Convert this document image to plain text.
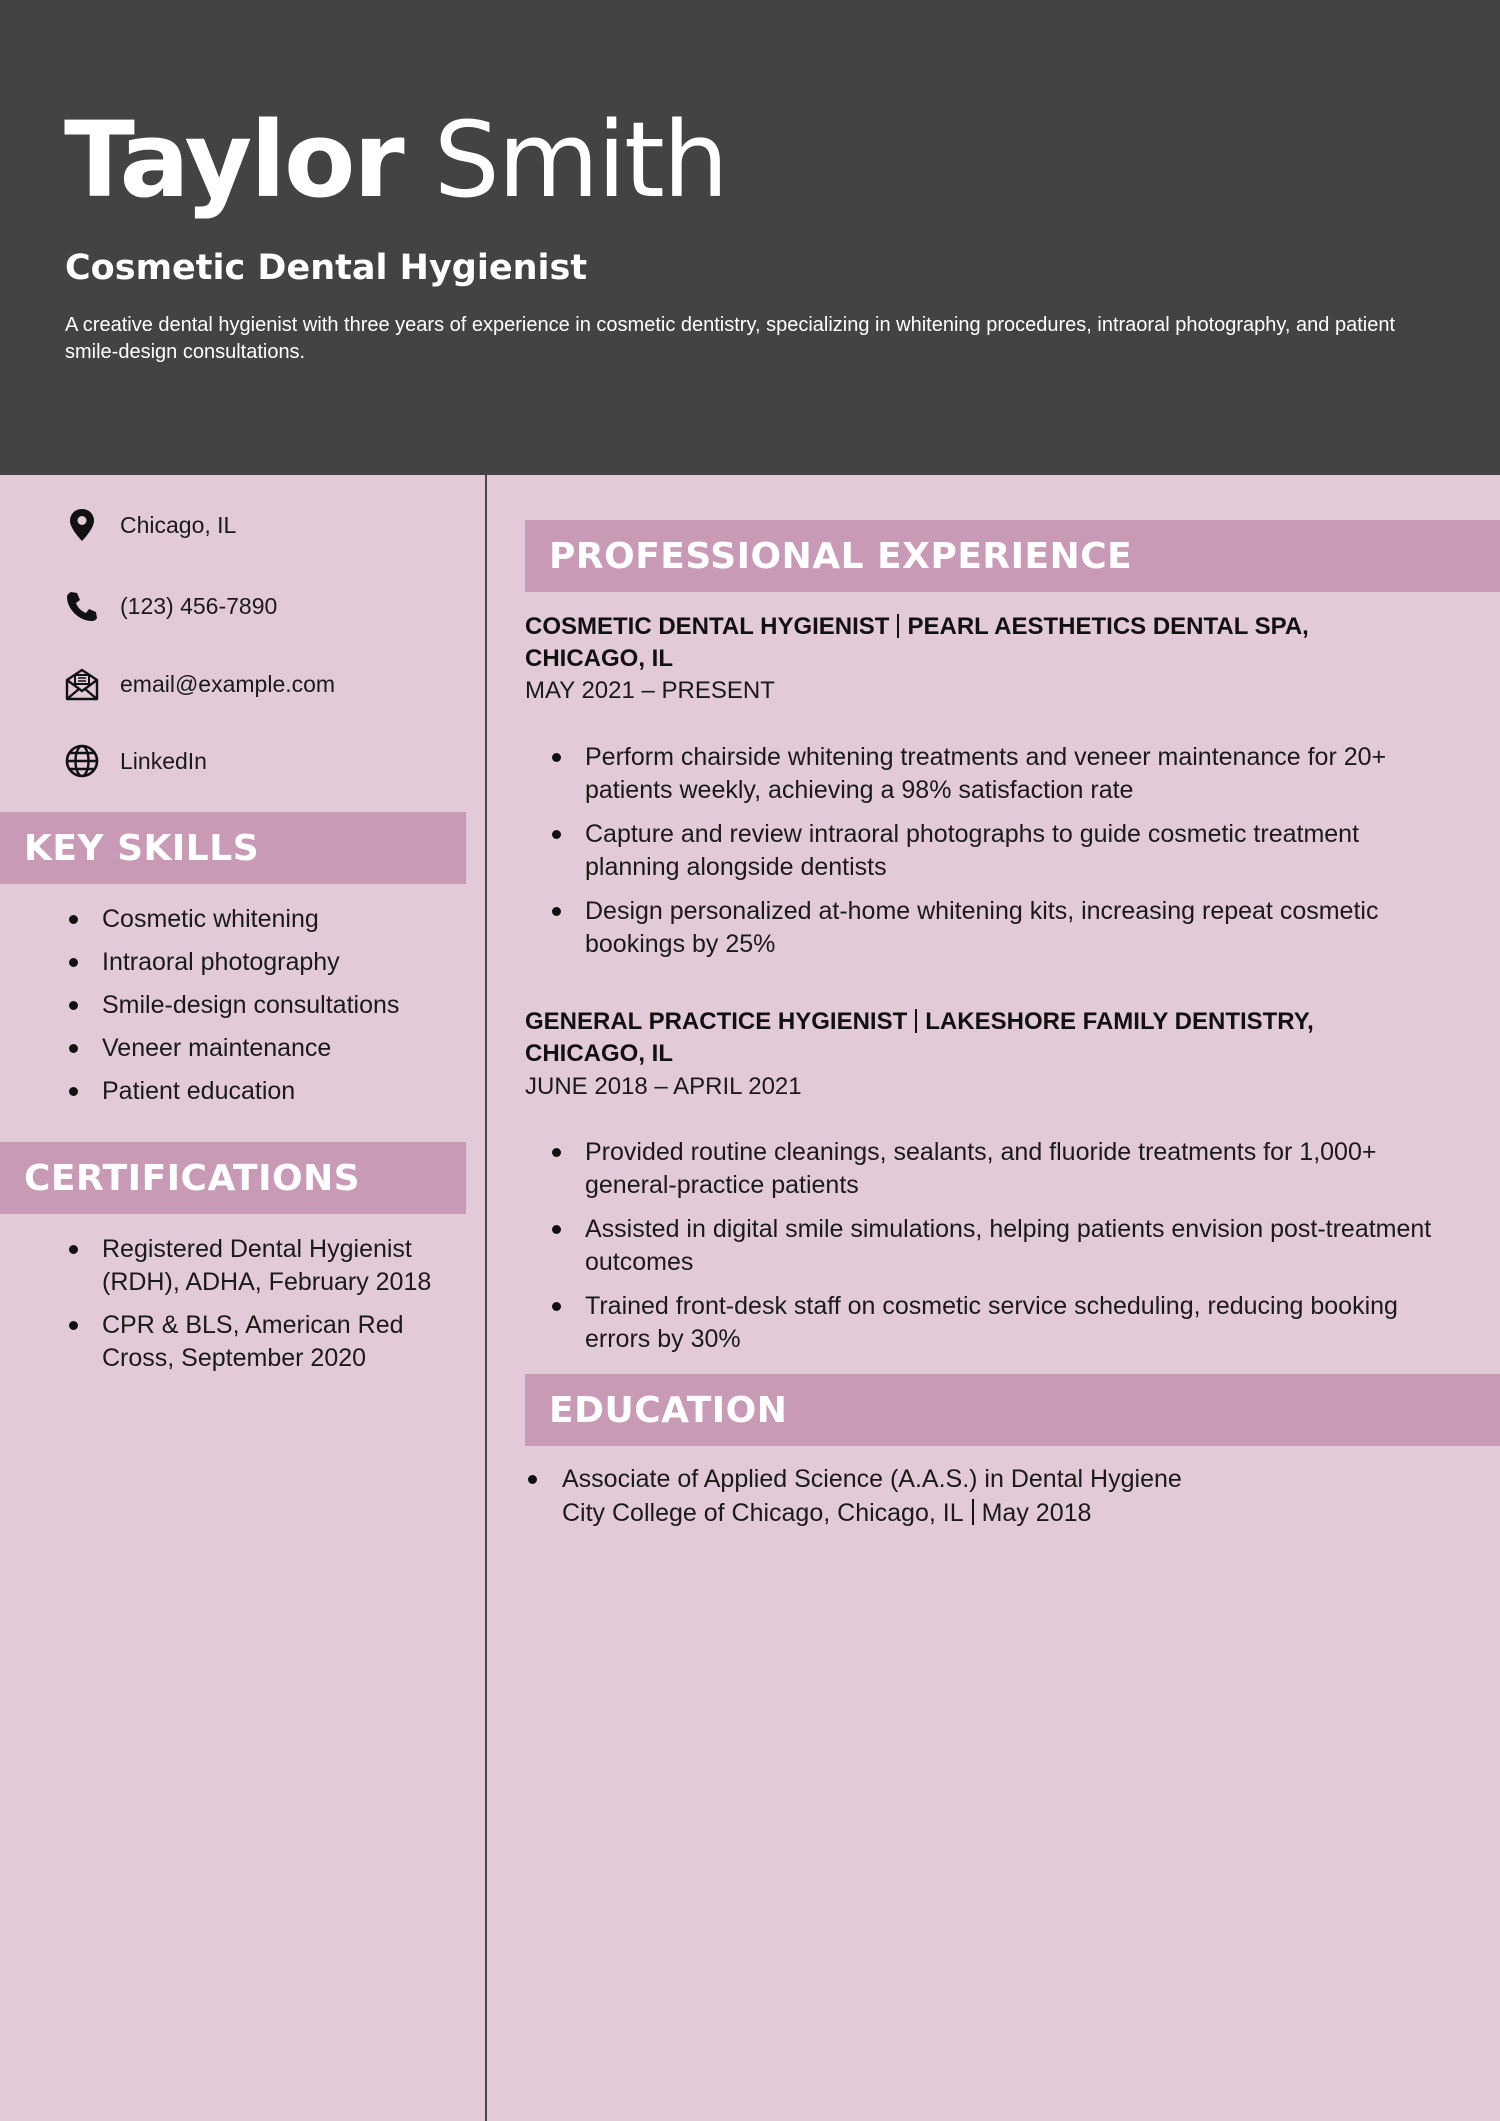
Taylor Smith
Cosmetic Dental Hygienist
A creative dental hygienist with three years of experience in cosmetic dentistry, specializing in whitening procedures, intraoral photography, and patient smile-design consultations.
Chicago, IL
(123) 456-7890
email@example.com
LinkedIn
KEY SKILLS
Cosmetic whitening
Intraoral photography
Smile-design consultations
Veneer maintenance
Patient education
CERTIFICATIONS
Registered Dental Hygienist (RDH), ADHA, February 2018
CPR & BLS, American Red Cross, September 2020
PROFESSIONAL EXPERIENCE
COSMETIC DENTAL HYGIENIST PEARL AESTHETICS DENTAL SPA, CHICAGO, IL
MAY 2021 – PRESENT
Perform chairside whitening treatments and veneer maintenance for 20+ patients weekly, achieving a 98% satisfaction rate
Capture and review intraoral photographs to guide cosmetic treatment planning alongside dentists
Design personalized at-home whitening kits, increasing repeat cosmetic bookings by 25%
GENERAL PRACTICE HYGIENIST LAKESHORE FAMILY DENTISTRY, CHICAGO, IL
JUNE 2018 – APRIL 2021
Provided routine cleanings, sealants, and fluoride treatments for 1,000+ general-practice patients
Assisted in digital smile simulations, helping patients envision post-treatment outcomes
Trained front-desk staff on cosmetic service scheduling, reducing booking errors by 30%
EDUCATION
Associate of Applied Science (A.A.S.) in Dental Hygiene
City College of Chicago, Chicago, IL May 2018
